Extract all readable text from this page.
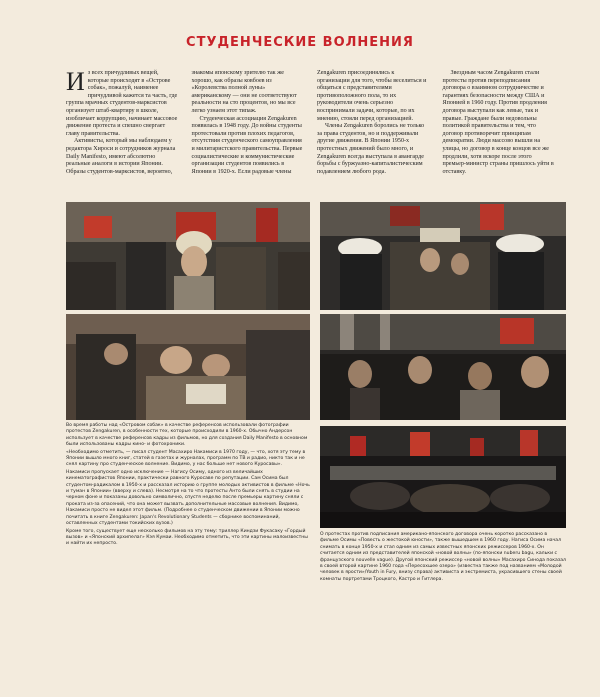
СТУДЕНЧЕСКИЕ ВОЛНЕНИЯ

Из всех причудливых вещей, которые происходят в «Острове собак», пожалуй, наименее причудливой кажется та часть, где группа мрачных студентов-марксистов организует штаб-квартиру в школе, изобличает коррупцию, начинает массовое движение протеста и спешно свергает главу правительства.

Активисты, который мы наблюдаем у редактора Хироси и сотрудников журнала Daily Manifesto, имеют абсолютно реальные аналоги в истории Японии. Образы студентов-марксистов, вероятно, знакомы японскому зрителю так же хорошо, как образы ковбоев из «Королевства полной луны» американскому — они не соответствуют реальности на сто процентов, но мы все легко узнаем этот типаж.

Студенческая ассоциация Zengakuren появилась в 1948 году. До войны студенты протестовали против плохих педагогов, отсутствия студенческого самоуправления и милитаристского правительства. Первые социалистические и коммунистические организации студентов появились в Японии в 1920-х. Если радовые члены Zengakuren присоединялись к организации для того, чтобы веселиться и общаться с представителями противоположного пола, то их руководители очень серьезно воспринимали задачи, которые, по их мнению, стояли перед организацией.

Члены Zengakuren боролись не только за права студентов, но и поддерживали другие движения. В Японии 1950-х протестных движений было много, и Zengakuren всегда выступала в авангарде борьбы с буржуазно-капиталистическим подавлением любого рода.

Звездным часом Zengakuren стали протесты против переподписания договора о взаимном сотрудничестве и гарантиях безопасности между США и Японией в 1960 году. Против продления договора выступали как левые, так и правые. Граждане были недовольны политикой правительства и тем, что договор противоречит принципам демократии. Люди массово вышли на улицы, но договор в конце концов все же продлили, хотя вскоре после этого премьер-министр страны пришлось уйти в отставку.

Во время работы над «Островом собак» в качестве референсов использовали фотографии протестов Zengakuren, в особенности тех, которые происходили в 1960-х. Обычно Андерсон использует в качестве референсов кадры из фильмов, но для создания Daily Manifesto в основном были использованы кадры кино- и фотохроники.

«Необходимо отметить, — писал студент Масахиро Накамиси в 1970 году, — что, хотя эту тему в Японии вышло много книг, статей в газетах и журналах, программ по ТВ и радио, никто так и не снял картину про студенческое волнение. Видимо, у нас больше нет нового Куросавы».

Накамиси пропускает одно исключение — Нагису Осиму, одного из величайших кинематографистов Японии, практически равного Куросаве по репутации. Сам Осима был студентом-радикалом в 1950-х и рассказал историю о группе молодых активистов в фильме «Ночь и туман в Японии» (вверху и слева). Несмотря на то что протесты Анто были снять в студии на черном фоне и показаны довольно символично, спустя неделю после премьеры картину сняли с проката из-за опасений, что она может вызвать дополнительные массовые волнения. Видимо, Накамиси просто не видел этот фильм. (Подробнее о студенческом движении в Японии можно почитать в книге Zengakuren: Japan's Revolutionary Students — сборнике воспоминаний, оставленных студентами токийских вузов.)

Кроме того, существует еще несколько фильмов на эту тему: триллер Киндзи Фукасаку «Гордый вызов» и «Японский архипелаг» Кэя Кумаи. Необходимо отметить, что эти картины малоизвестны и найти их непросто.

О протестах против подписания американо-японского договора очень коротко рассказано в фильме Осимы «Повесть о жестокой юности», также вышедшем в 1960 году. Нагиса Осима начал снимать в конце 1950-х и стал одним из самых известных японских режиссеров 1960-х. Он считается одним из представителей японской «новой волны» (по-японски nuberu bagu, кальки с французского nouvelle vague). Другой японский режиссер «новой волны» Масахиро Синода показал в своей второй картине 1960 года «Пересохшее озеро» (известна также под названием «Молодой человек в ярости»/Youth in Fury, внизу справа) активиста и экстремиста, украсившего стены своей комнаты портретами Троцкого, Кастро и Гитлера.
